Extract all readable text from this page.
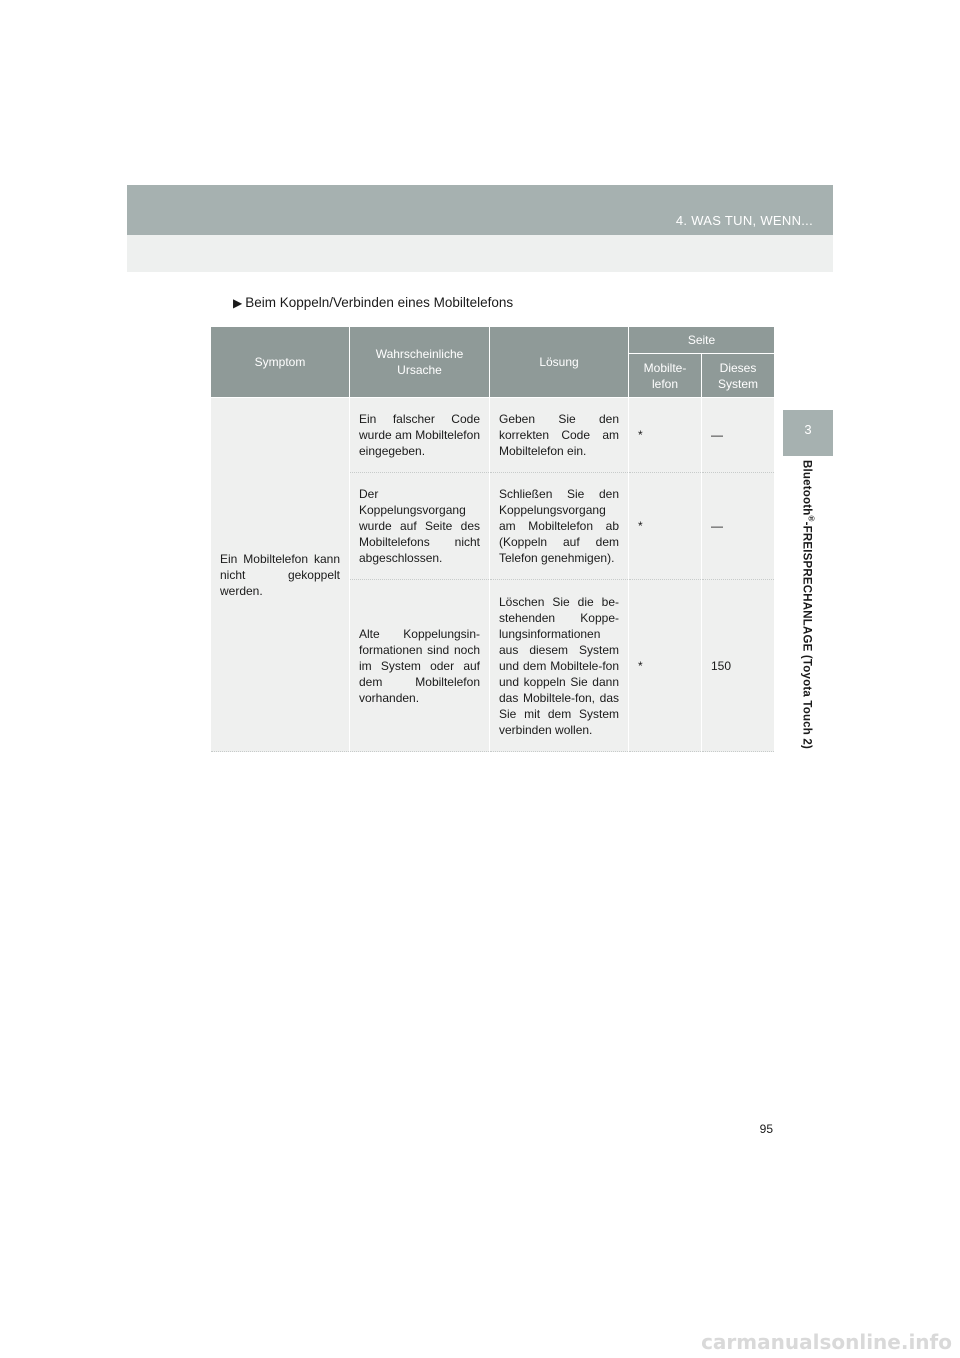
4. WAS TUN, WENN...
3
Bluetooth®-FREISPRECHANLAGE (Toyota Touch 2)
▶ Beim Koppeln/Verbinden eines Mobiltelefons
Symptom	Wahrscheinliche Ursache	Lösung	Seite	
			Mobilte-lefon	Dieses System
Ein Mobiltelefon kann nicht gekoppelt werden.	Ein falscher Code wurde am Mobiltelefon eingegeben.	Geben Sie den korrekten Code am Mobiltelefon ein.	*	—
	Der Koppelungsvorgang wurde auf Seite des Mobiltelefons nicht abgeschlossen.	Schließen Sie den Koppelungsvorgang am Mobiltelefon ab (Koppeln auf dem Telefon genehmigen).	*	—
	Alte Koppelungsin-formationen sind noch im System oder auf dem Mobiltelefon vorhanden.	Löschen Sie die be-stehenden Koppe-lungsinformationen aus diesem System und dem Mobiltele-fon und koppeln Sie dann das Mobiltele-fon, das Sie mit dem System verbinden wollen.	*	150
95
carmanualsonline.info
